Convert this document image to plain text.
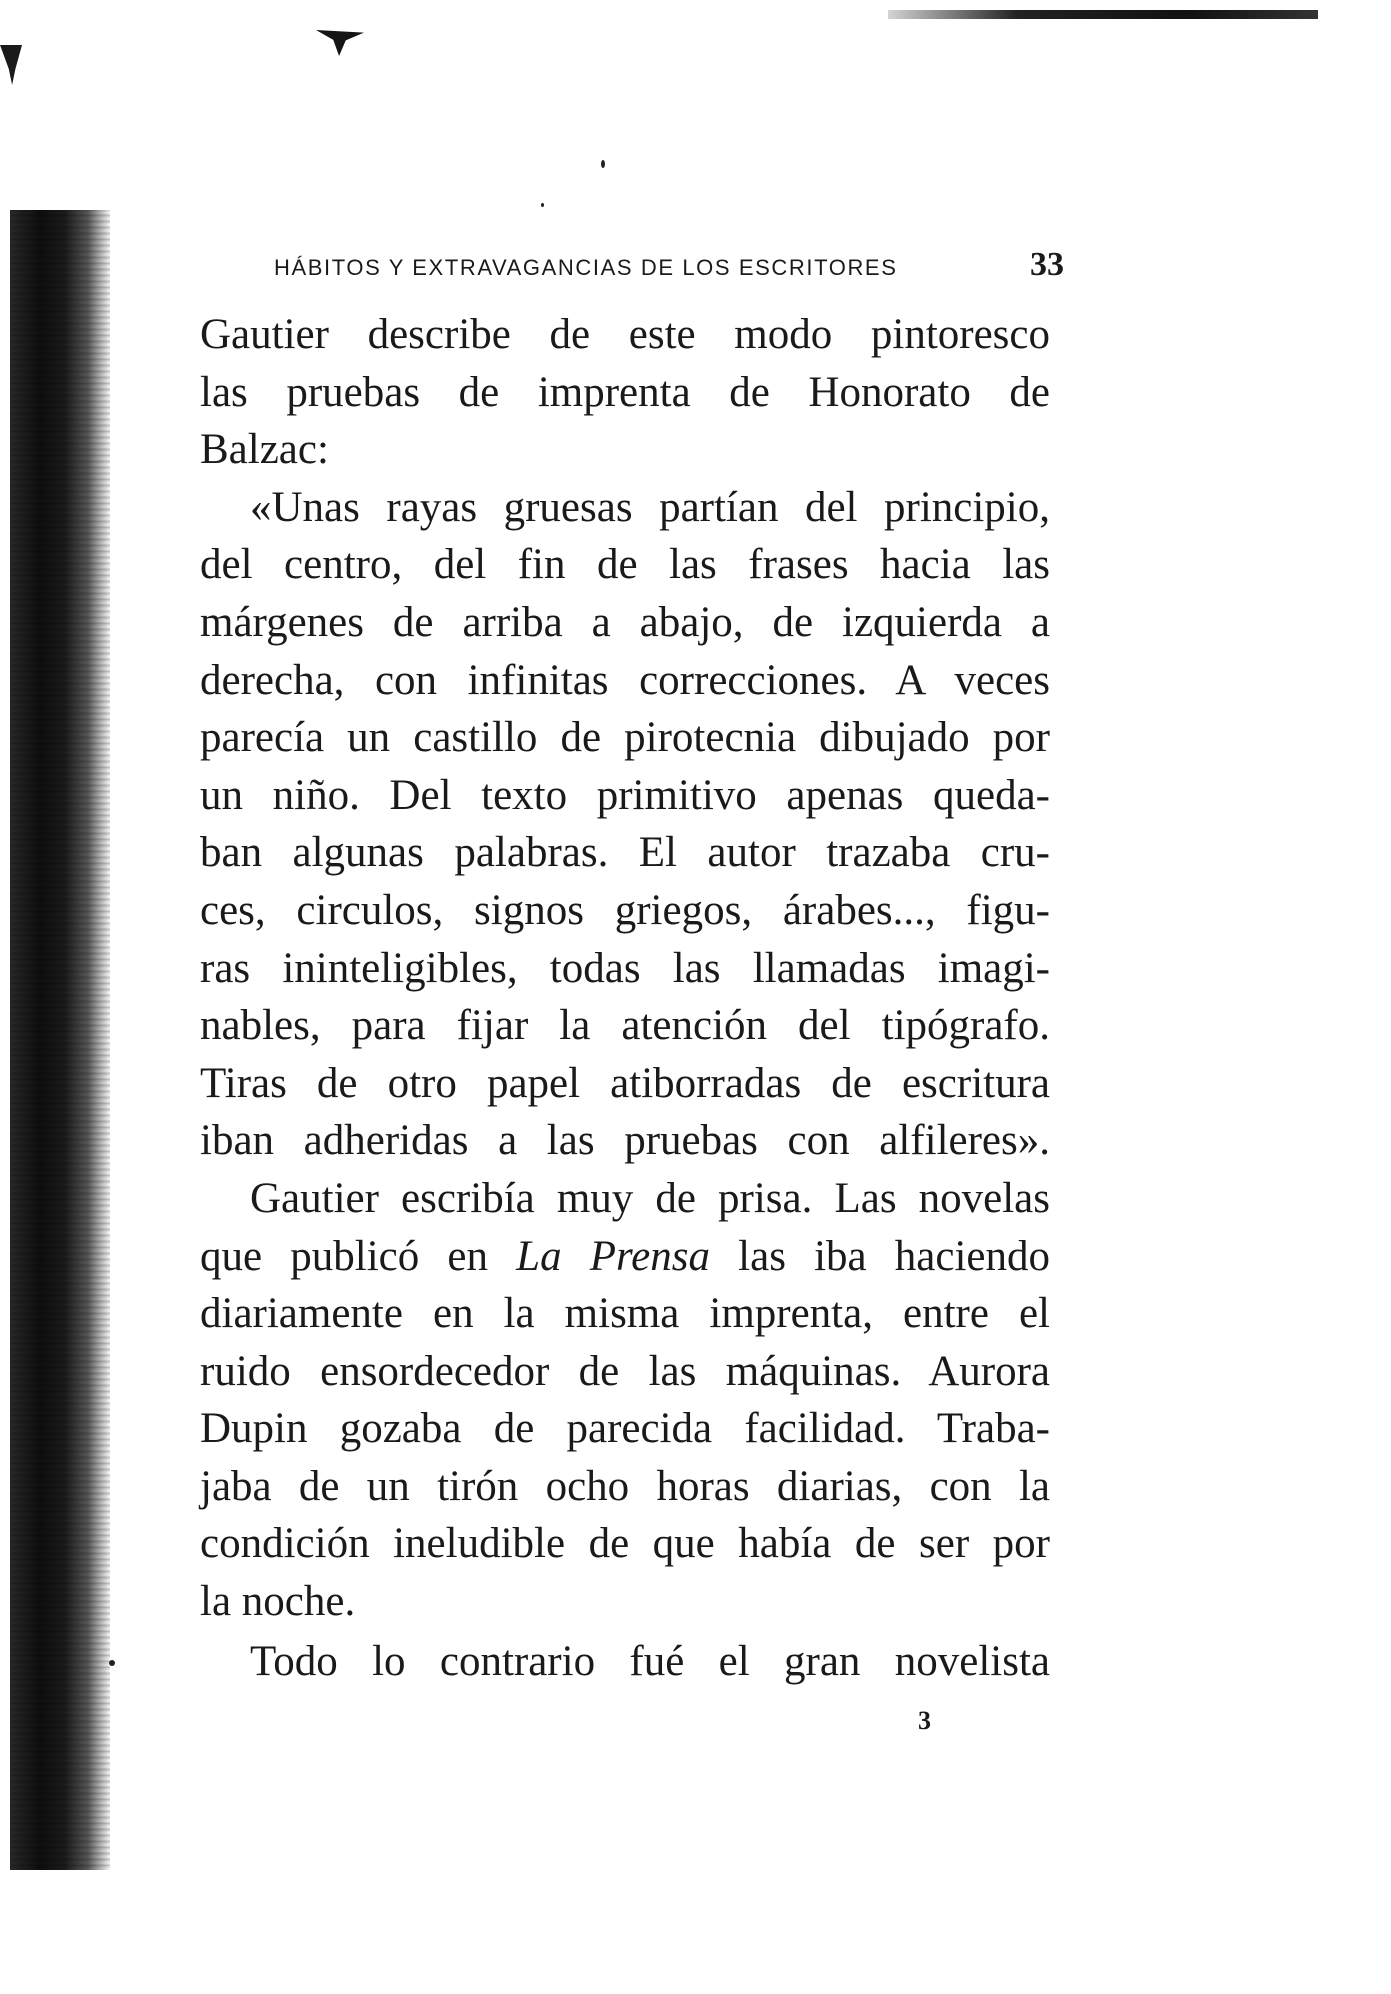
HÁBITOS Y EXTRAVAGANCIAS DE LOS ESCRITORES	33
Gautier describe de este modo pintoresco
las pruebas de imprenta de Honorato de
Balzac:
«Unas rayas gruesas partían del principio,
del centro, del fin de las frases hacia las
márgenes de arriba a abajo, de izquierda a
derecha, con infinitas correcciones. A veces
parecía un castillo de pirotecnia dibujado por
un niño. Del texto primitivo apenas queda-
ban algunas palabras. El autor trazaba cru-
ces, circulos, signos griegos, árabes..., figu-
ras ininteligibles, todas las llamadas imagi-
nables, para fijar la atención del tipógrafo.
Tiras de otro papel atiborradas de escritura
iban adheridas a las pruebas con alfileres».
Gautier escribía muy de prisa. Las novelas
que publicó en La Prensa las iba haciendo
diariamente en la misma imprenta, entre el
ruido ensordecedor de las máquinas. Aurora
Dupin gozaba de parecida facilidad. Traba-
jaba de un tirón ocho horas diarias, con la
condición ineludible de que había de ser por
la noche.
Todo lo contrario fué el gran novelista
3
